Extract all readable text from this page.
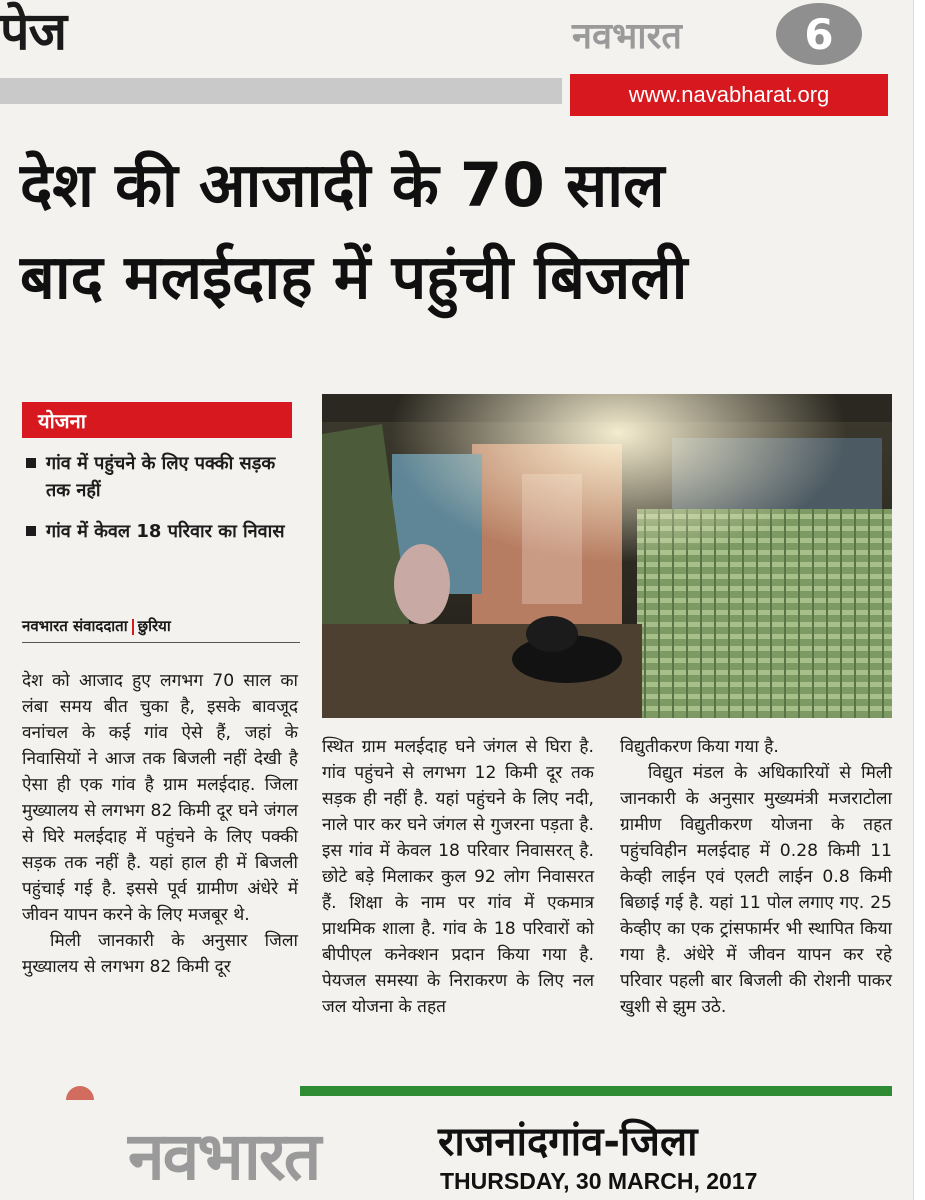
पेज	नवभारत	6
www.navabharat.org
देश की आजादी के 70 साल
बाद मलईदाह में पहुंची बिजली
योजना
गांव में पहुंचने के लिए पक्की सड़क तक नहीं
गांव में केवल 18 परिवार का निवास
नवभारत संवाददाता छुरिया

देश को आजाद हुए लगभग 70 साल का लंबा समय बीत चुका है, इसके बावजूद वनांचल के कई गांव ऐसे हैं, जहां के निवासियों ने आज तक बिजली नहीं देखी है ऐसा ही एक गांव है ग्राम मलईदाह. जिला मुख्यालय से लगभग 82 किमी दूर घने जंगल से घिरे मलईदाह में पहुंचने के लिए पक्की सड़क तक नहीं है. यहां हाल ही में बिजली पहुंचाई गई है. इससे पूर्व ग्रामीण अंधेरे में जीवन यापन करने के लिए मजबूर थे.

मिली जानकारी के अनुसार जिला मुख्यालय से लगभग 82 किमी दूर

स्थित ग्राम मलईदाह घने जंगल से घिरा है. गांव पहुंचने से लगभग 12 किमी दूर तक सड़क ही नहीं है. यहां पहुंचने के लिए नदी, नाले पार कर घने जंगल से गुजरना पड़ता है. इस गांव में केवल 18 परिवार निवासरत् है. छोटे बड़े मिलाकर कुल 92 लोग निवासरत हैं. शिक्षा के नाम पर गांव में एकमात्र प्राथमिक शाला है. गांव के 18 परिवारों को बीपीएल कनेक्शन प्रदान किया गया है. पेयजल समस्या के निराकरण के लिए नल जल योजना के तहत

विद्युतीकरण किया गया है.

विद्युत मंडल के अधिकारियों से मिली जानकारी के अनुसार मुख्यमंत्री मजराटोला ग्रामीण विद्युतीकरण योजना के तहत पहुंचविहीन मलईदाह में 0.28 किमी 11 केव्ही लाईन एवं एलटी लाईन 0.8 किमी बिछाई गई है. यहां 11 पोल लगाए गए. 25 केव्हीए का एक ट्रांसफार्मर भी स्थापित किया गया है. अंधेरे में जीवन यापन कर रहे परिवार पहली बार बिजली की रोशनी पाकर खुशी से झुम उठे.

नवभारत	राजनांदगांव-जिला
THURSDAY, 30 MARCH, 2017
